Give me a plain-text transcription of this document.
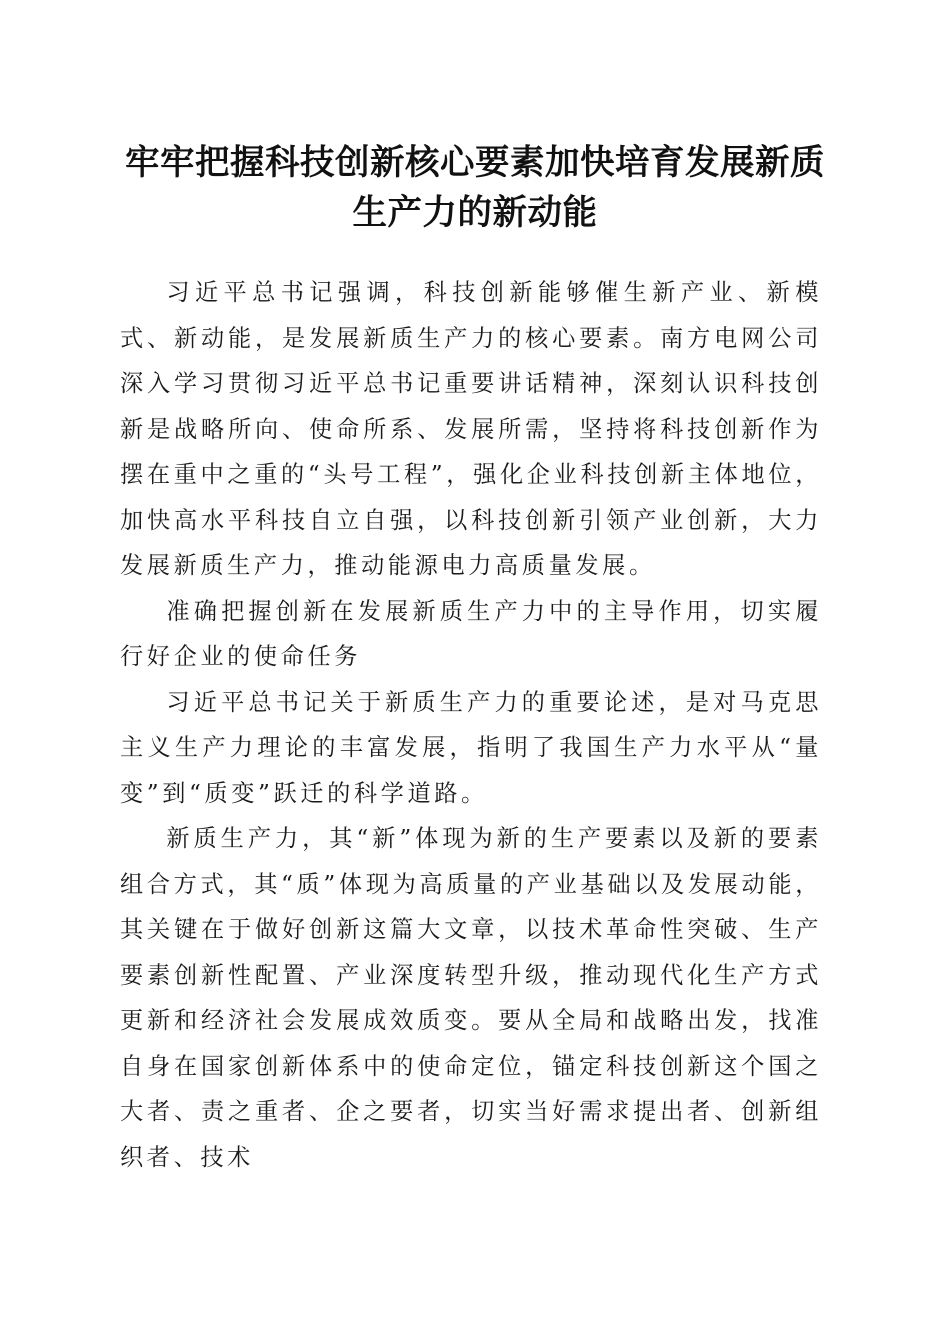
牢牢把握科技创新核心要素加快培育发展新质
生产力的新动能

习近平总书记强调，科技创新能够催生新产业、新模式、新动能，是发展新质生产力的核心要素。南方电网公司深入学习贯彻习近平总书记重要讲话精神，深刻认识科技创新是战略所向、使命所系、发展所需，坚持将科技创新作为摆在重中之重的“头号工程”，强化企业科技创新主体地位，加快高水平科技自立自强，以科技创新引领产业创新，大力发展新质生产力，推动能源电力高质量发展。

准确把握创新在发展新质生产力中的主导作用，切实履行好企业的使命任务

习近平总书记关于新质生产力的重要论述，是对马克思主义生产力理论的丰富发展，指明了我国生产力水平从“量变”到“质变”跃迁的科学道路。

新质生产力，其“新”体现为新的生产要素以及新的要素组合方式，其“质”体现为高质量的产业基础以及发展动能，其关键在于做好创新这篇大文章，以技术革命性突破、生产要素创新性配置、产业深度转型升级，推动现代化生产方式更新和经济社会发展成效质变。要从全局和战略出发，找准自身在国家创新体系中的使命定位，锚定科技创新这个国之大者、责之重者、企之要者，切实当好需求提出者、创新组织者、技术
